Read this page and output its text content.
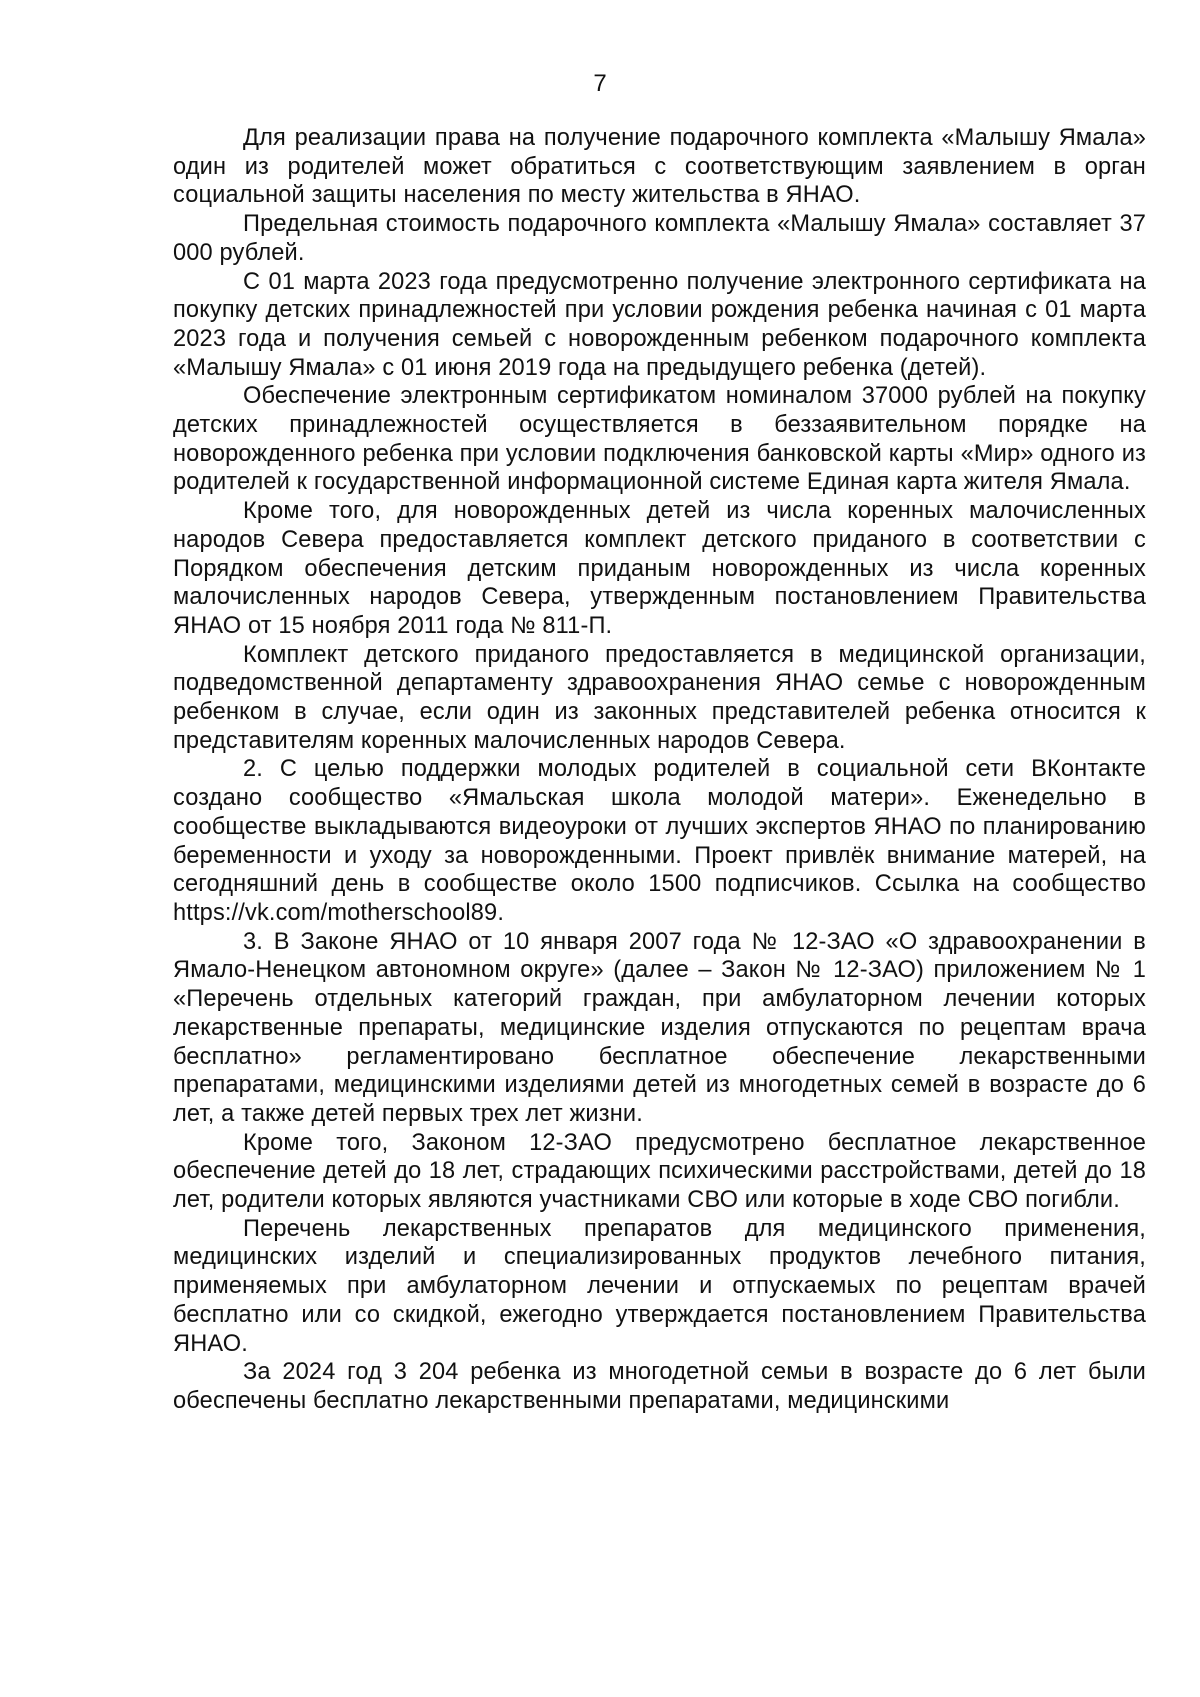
7

Для реализации права на получение подарочного комплекта «Малышу Ямала» один из родителей может обратиться с соответствующим заявлением в орган социальной защиты населения по месту жительства в ЯНАО.

Предельная стоимость подарочного комплекта «Малышу Ямала» составляет 37 000 рублей.

С 01 марта 2023 года предусмотренно получение электронного сертификата на покупку детских принадлежностей при условии рождения ребенка начиная с 01 марта 2023 года и получения семьей с новорожденным ребенком подарочного комплекта «Малышу Ямала» с 01 июня 2019 года на предыдущего ребенка (детей).

Обеспечение электронным сертификатом номиналом 37000 рублей на покупку детских принадлежностей осуществляется в беззаявительном порядке на новорожденного ребенка при условии подключения банковской карты «Мир» одного из родителей к государственной информационной системе Единая карта жителя Ямала.

Кроме того, для новорожденных детей из числа коренных малочисленных народов Севера предоставляется комплект детского приданого в соответствии с Порядком обеспечения детским приданым новорожденных из числа коренных малочисленных народов Севера, утвержденным постановлением Правительства ЯНАО от 15 ноября 2011 года № 811-П.

Комплект детского приданого предоставляется в медицинской организации, подведомственной департаменту здравоохранения ЯНАО семье с новорожденным ребенком в случае, если один из законных представителей ребенка относится к представителям коренных малочисленных народов Севера.

2. С целью поддержки молодых родителей в социальной сети ВКонтакте создано сообщество «Ямальская школа молодой матери». Еженедельно в сообществе выкладываются видеоуроки от лучших экспертов ЯНАО по планированию беременности и уходу за новорожденными. Проект привлёк внимание матерей, на сегодняшний день в сообществе около 1500 подписчиков. Ссылка на сообщество https://vk.com/motherschool89.

3. В Законе ЯНАО от 10 января 2007 года № 12-ЗАО «О здравоохранении в Ямало-Ненецком автономном округе» (далее – Закон № 12-ЗАО) приложением № 1 «Перечень отдельных категорий граждан, при амбулаторном лечении которых лекарственные препараты, медицинские изделия отпускаются по рецептам врача бесплатно» регламентировано бесплатное обеспечение лекарственными препаратами, медицинскими изделиями детей из многодетных семей в возрасте до 6 лет, а также детей первых трех лет жизни.

Кроме того, Законом 12-ЗАО предусмотрено бесплатное лекарственное обеспечение детей до 18 лет, страдающих психическими расстройствами, детей до 18 лет, родители которых являются участниками СВО или которые в ходе СВО погибли.

Перечень лекарственных препаратов для медицинского применения, медицинских изделий и специализированных продуктов лечебного питания, применяемых при амбулаторном лечении и отпускаемых по рецептам врачей бесплатно или со скидкой, ежегодно утверждается постановлением Правительства ЯНАО.

За 2024 год 3 204 ребенка из многодетной семьи в возрасте до 6 лет были обеспечены бесплатно лекарственными препаратами, медицинскими
